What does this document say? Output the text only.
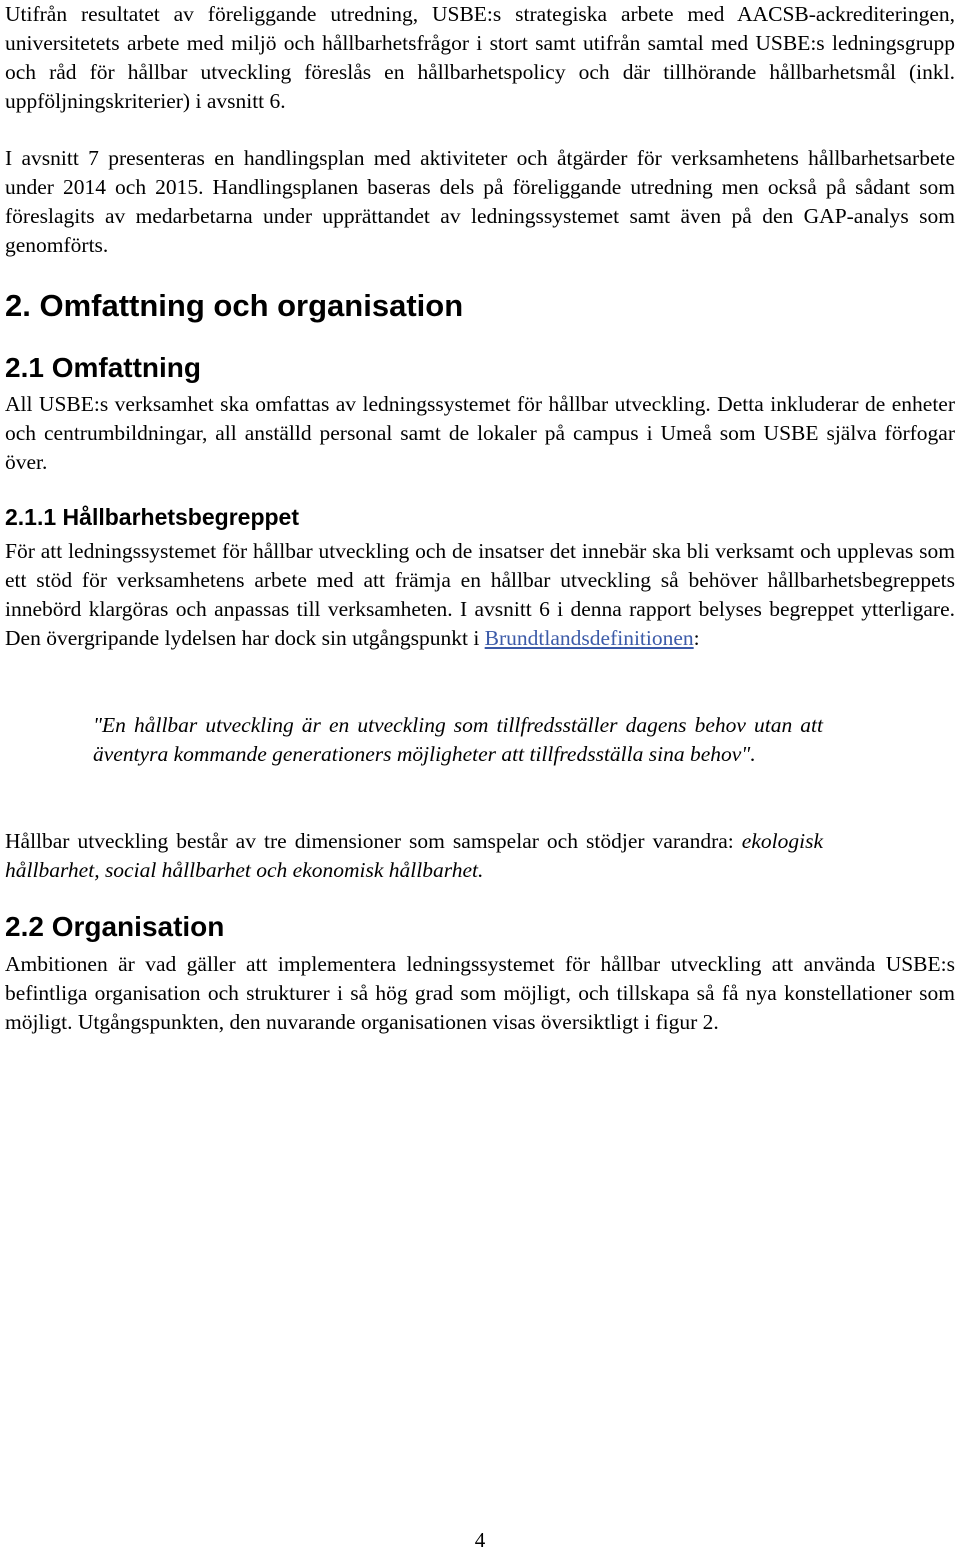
Utifrån resultatet av föreliggande utredning, USBE:s strategiska arbete med AACSB-ackrediteringen, universitetets arbete med miljö och hållbarhetsfrågor i stort samt utifrån samtal med USBE:s ledningsgrupp och råd för hållbar utveckling föreslås en hållbarhetspolicy och där tillhörande hållbarhetsmål (inkl. uppföljningskriterier) i avsnitt 6.

I avsnitt 7 presenteras en handlingsplan med aktiviteter och åtgärder för verksamhetens hållbarhetsarbete under 2014 och 2015. Handlingsplanen baseras dels på föreliggande utredning men också på sådant som föreslagits av medarbetarna under upprättandet av ledningssystemet samt även på den GAP-analys som genomförts.

2. Omfattning och organisation
2.1 Omfattning

All USBE:s verksamhet ska omfattas av ledningssystemet för hållbar utveckling. Detta inkluderar de enheter och centrumbildningar, all anställd personal samt de lokaler på campus i Umeå som USBE själva förfogar över.

2.1.1 Hållbarhetsbegreppet

För att ledningssystemet för hållbar utveckling och de insatser det innebär ska bli verksamt och upplevas som ett stöd för verksamhetens arbete med att främja en hållbar utveckling så behöver hållbarhetsbegreppets innebörd klargöras och anpassas till verksamheten. I avsnitt 6 i denna rapport belyses begreppet ytterligare. Den övergripande lydelsen har dock sin utgångspunkt i Brundtlandsdefinitionen:

"En hållbar utveckling är en utveckling som tillfredsställer dagens behov utan att äventyra kommande generationers möjligheter att tillfredsställa sina behov".

Hållbar utveckling består av tre dimensioner som samspelar och stödjer varandra: ekologisk hållbarhet, social hållbarhet och ekonomisk hållbarhet.

2.2 Organisation

Ambitionen är vad gäller att implementera ledningssystemet för hållbar utveckling att använda USBE:s befintliga organisation och strukturer i så hög grad som möjligt, och tillskapa så få nya konstellationer som möjligt. Utgångspunkten, den nuvarande organisationen visas översiktligt i figur 2.

4
